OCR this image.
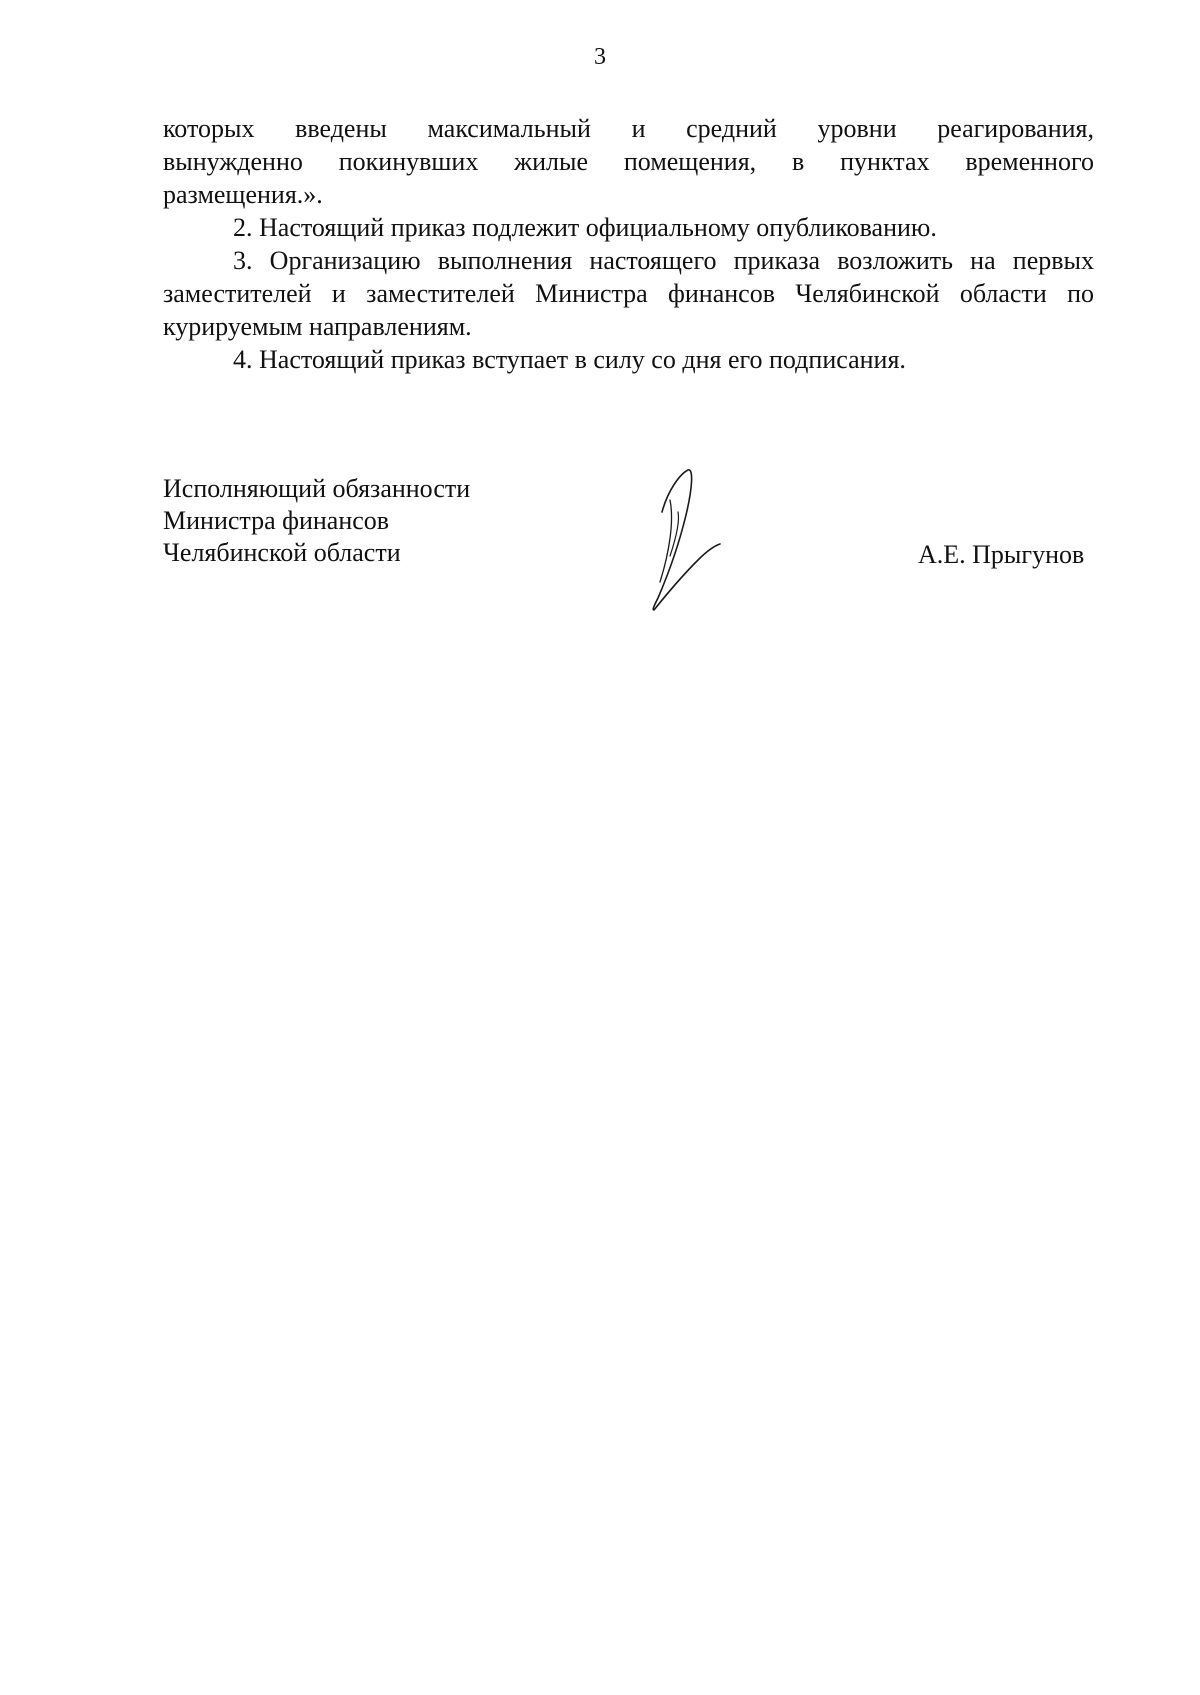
3

которых введены максимальный и средний уровни реагирования,
вынужденно покинувших жилые помещения, в пунктах временного
размещения.».

2. Настоящий приказ подлежит официальному опубликованию.

3. Организацию выполнения настоящего приказа возложить на первых
заместителей и заместителей Министра финансов Челябинской области по
курируемым направлениям.

4. Настоящий приказ вступает в силу со дня его подписания.

Исполняющий обязанности
Министра финансов
Челябинской области	А.Е. Прыгунов
